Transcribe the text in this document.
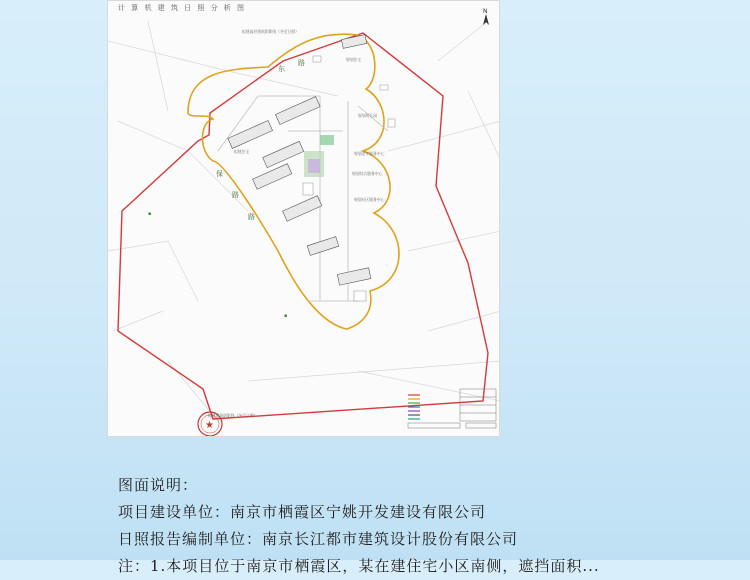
计 算 机 建 筑 日 照 分 析 图
▪
▪
保
路
路
东
路
★
N
拟建高层建筑阴影线（冬至日照）
规划住宅
规划幼儿园
规划老年服务中心
规划综合服务中心
规划社区服务中心
拟建住宅
拟建建筑阴影线（冬至日照）
图面说明：
项目建设单位：南京市栖霞区宁姚开发建设有限公司
日照报告编制单位：南京长江都市建筑设计股份有限公司
注：1.本项目位于南京市栖霞区，某在建住宅小区南侧，遮挡面积...
